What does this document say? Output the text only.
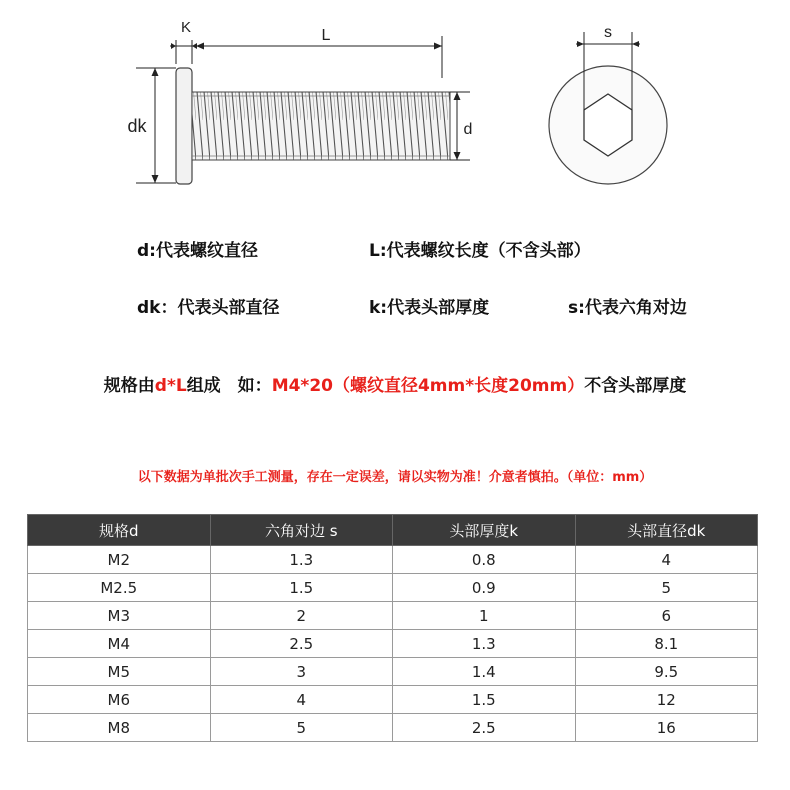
K	L
dk	d
s
d:代表螺纹直径	L:代表螺纹长度（不含头部）
dk：代表头部直径	k:代表头部厚度	s:代表六角对边
规格由d*L组成　如：M4*20（螺纹直径4mm*长度20mm）不含头部厚度
以下数据为单批次手工测量，存在一定误差，请以实物为准！介意者慎拍。（单位：mm）
规格d	六角对边 s	头部厚度k	头部直径dk
M2	1.3	0.8	4
M2.5	1.5	0.9	5
M3	2	1	6
M4	2.5	1.3	8.1
M5	3	1.4	9.5
M6	4	1.5	12
M8	5	2.5	16
